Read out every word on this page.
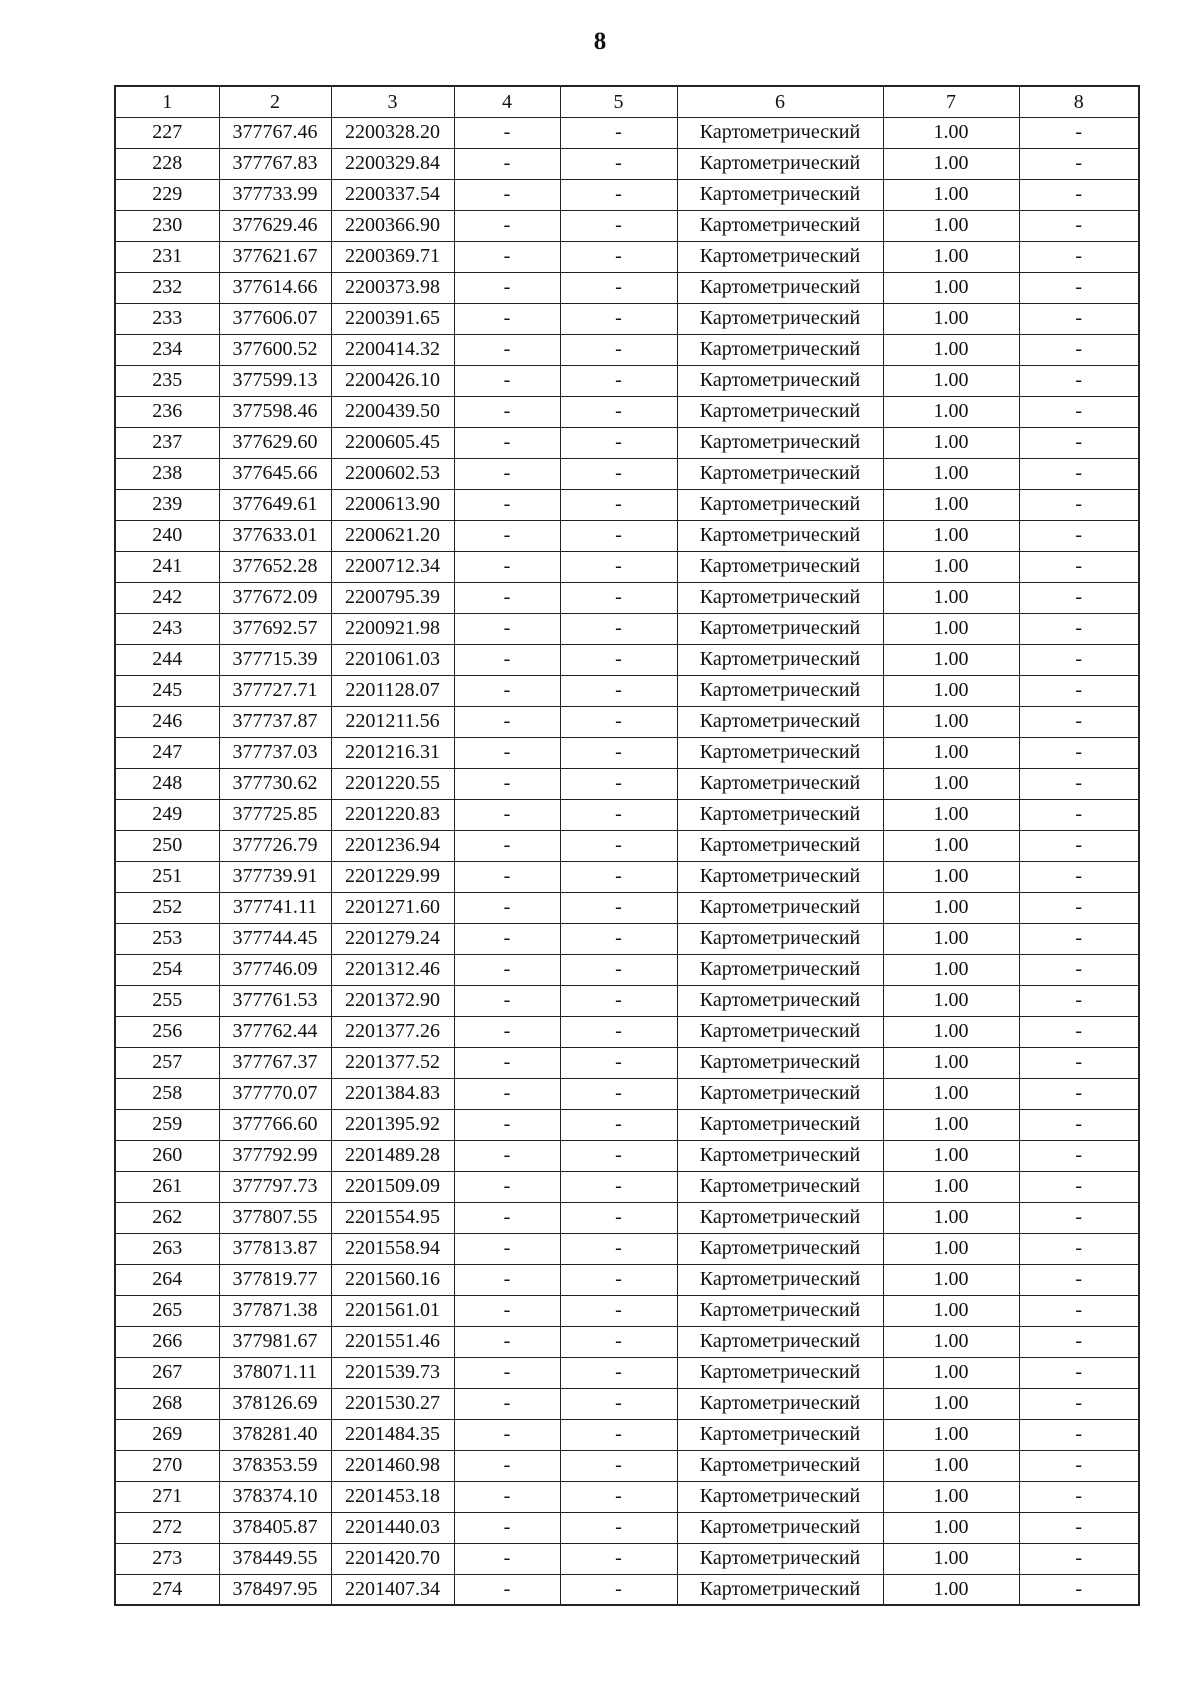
8
1	2	3	4	5	6	7	8
227	377767.46	2200328.20	-	-	Картометрический	1.00	-
228	377767.83	2200329.84	-	-	Картометрический	1.00	-
229	377733.99	2200337.54	-	-	Картометрический	1.00	-
230	377629.46	2200366.90	-	-	Картометрический	1.00	-
231	377621.67	2200369.71	-	-	Картометрический	1.00	-
232	377614.66	2200373.98	-	-	Картометрический	1.00	-
233	377606.07	2200391.65	-	-	Картометрический	1.00	-
234	377600.52	2200414.32	-	-	Картометрический	1.00	-
235	377599.13	2200426.10	-	-	Картометрический	1.00	-
236	377598.46	2200439.50	-	-	Картометрический	1.00	-
237	377629.60	2200605.45	-	-	Картометрический	1.00	-
238	377645.66	2200602.53	-	-	Картометрический	1.00	-
239	377649.61	2200613.90	-	-	Картометрический	1.00	-
240	377633.01	2200621.20	-	-	Картометрический	1.00	-
241	377652.28	2200712.34	-	-	Картометрический	1.00	-
242	377672.09	2200795.39	-	-	Картометрический	1.00	-
243	377692.57	2200921.98	-	-	Картометрический	1.00	-
244	377715.39	2201061.03	-	-	Картометрический	1.00	-
245	377727.71	2201128.07	-	-	Картометрический	1.00	-
246	377737.87	2201211.56	-	-	Картометрический	1.00	-
247	377737.03	2201216.31	-	-	Картометрический	1.00	-
248	377730.62	2201220.55	-	-	Картометрический	1.00	-
249	377725.85	2201220.83	-	-	Картометрический	1.00	-
250	377726.79	2201236.94	-	-	Картометрический	1.00	-
251	377739.91	2201229.99	-	-	Картометрический	1.00	-
252	377741.11	2201271.60	-	-	Картометрический	1.00	-
253	377744.45	2201279.24	-	-	Картометрический	1.00	-
254	377746.09	2201312.46	-	-	Картометрический	1.00	-
255	377761.53	2201372.90	-	-	Картометрический	1.00	-
256	377762.44	2201377.26	-	-	Картометрический	1.00	-
257	377767.37	2201377.52	-	-	Картометрический	1.00	-
258	377770.07	2201384.83	-	-	Картометрический	1.00	-
259	377766.60	2201395.92	-	-	Картометрический	1.00	-
260	377792.99	2201489.28	-	-	Картометрический	1.00	-
261	377797.73	2201509.09	-	-	Картометрический	1.00	-
262	377807.55	2201554.95	-	-	Картометрический	1.00	-
263	377813.87	2201558.94	-	-	Картометрический	1.00	-
264	377819.77	2201560.16	-	-	Картометрический	1.00	-
265	377871.38	2201561.01	-	-	Картометрический	1.00	-
266	377981.67	2201551.46	-	-	Картометрический	1.00	-
267	378071.11	2201539.73	-	-	Картометрический	1.00	-
268	378126.69	2201530.27	-	-	Картометрический	1.00	-
269	378281.40	2201484.35	-	-	Картометрический	1.00	-
270	378353.59	2201460.98	-	-	Картометрический	1.00	-
271	378374.10	2201453.18	-	-	Картометрический	1.00	-
272	378405.87	2201440.03	-	-	Картометрический	1.00	-
273	378449.55	2201420.70	-	-	Картометрический	1.00	-
274	378497.95	2201407.34	-	-	Картометрический	1.00	-
